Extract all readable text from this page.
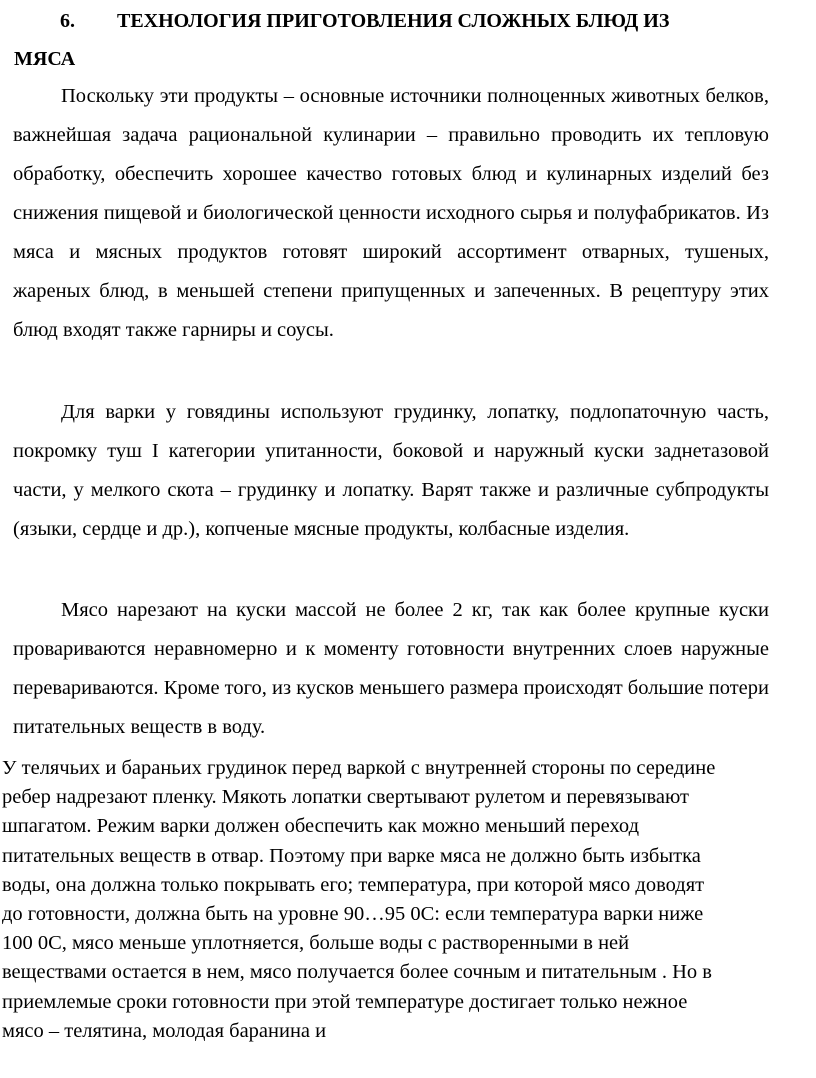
6. ТЕХНОЛОГИЯ ПРИГОТОВЛЕНИЯ СЛОЖНЫХ БЛЮД ИЗ
МЯСА

Поскольку эти продукты – основные источники полноценных животных белков, важнейшая задача рациональной кулинарии – правильно проводить их тепловую обработку, обеспечить хорошее качество готовых блюд и кулинарных изделий без снижения пищевой и биологической ценности исходного сырья и полуфабрикатов. Из мяса и мясных продуктов готовят широкий ассортимент отварных, тушеных, жареных блюд, в меньшей степени припущенных и запеченных. В рецептуру этих блюд входят также гарниры и соусы.

Для варки у говядины используют грудинку, лопатку, подлопаточную часть, покромку туш I категории упитанности, боковой и наружный куски заднетазовой части, у мелкого скота – грудинку и лопатку. Варят также и различные субпродукты (языки, сердце и др.), копченые мясные продукты, колбасные изделия.

Мясо нарезают на куски массой не более 2 кг, так как более крупные куски провариваются неравномерно и к моменту готовности внутренних слоев наружные перевариваются. Кроме того, из кусков меньшего размера происходят большие потери питательных веществ в воду.

У телячьих и бараньих грудинок перед варкой с внутренней стороны по середине
ребер надрезают пленку. Мякоть лопатки свертывают рулетом и перевязывают
шпагатом. Режим варки должен обеспечить как можно меньший переход
питательных веществ в отвар. Поэтому при варке мяса не должно быть избытка
воды, она должна только покрывать его; температура, при которой мясо доводят
до готовности, должна быть на уровне 90…95 0С: если температура варки ниже
100 0С, мясо меньше уплотняется, больше воды с растворенными в ней
веществами остается в нем, мясо получается более сочным и питательным . Но в
приемлемые сроки готовности при этой температуре достигает только нежное
мясо – телятина, молодая баранина и
